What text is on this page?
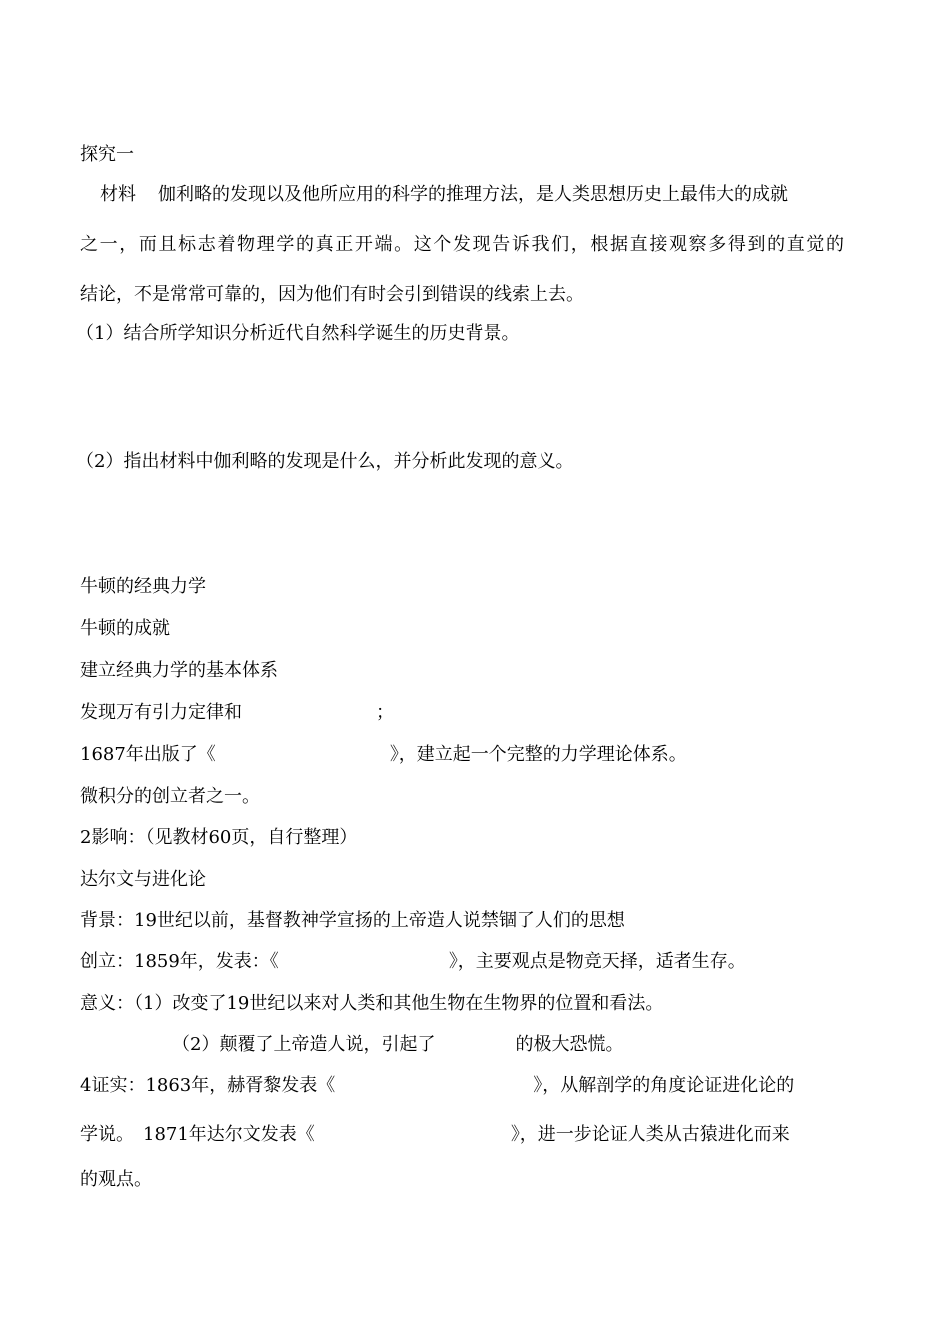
探究一
材料 伽利略的发现以及他所应用的科学的推理方法，是人类思想历史上最伟大的成就
之一，而且标志着物理学的真正开端。这个发现告诉我们，根据直接观察多得到的直觉的
结论，不是常常可靠的，因为他们有时会引到错误的线索上去。
（1）结合所学知识分析近代自然科学诞生的历史背景。
（2）指出材料中伽利略的发现是什么，并分析此发现的意义。
牛顿的经典力学
牛顿的成就
建立经典力学的基本体系
发现万有引力定律和	；
1687年出版了《	》，建立起一个完整的力学理论体系。
微积分的创立者之一。
2影响：（见教材60页，自行整理）
达尔文与进化论
背景：19世纪以前，基督教神学宣扬的上帝造人说禁锢了人们的思想
创立：1859年，发表：《	》，主要观点是物竞天择，适者生存。
意义：（1）改变了19世纪以来对人类和其他生物在生物界的位置和看法。
（2）颠覆了上帝造人说，引起了	的极大恐慌。
4证实：1863年，赫胥黎发表《	》，从解剖学的角度论证进化论的
学说。　1871年达尔文发表《	》，进一步论证人类从古猿进化而来
的观点。
